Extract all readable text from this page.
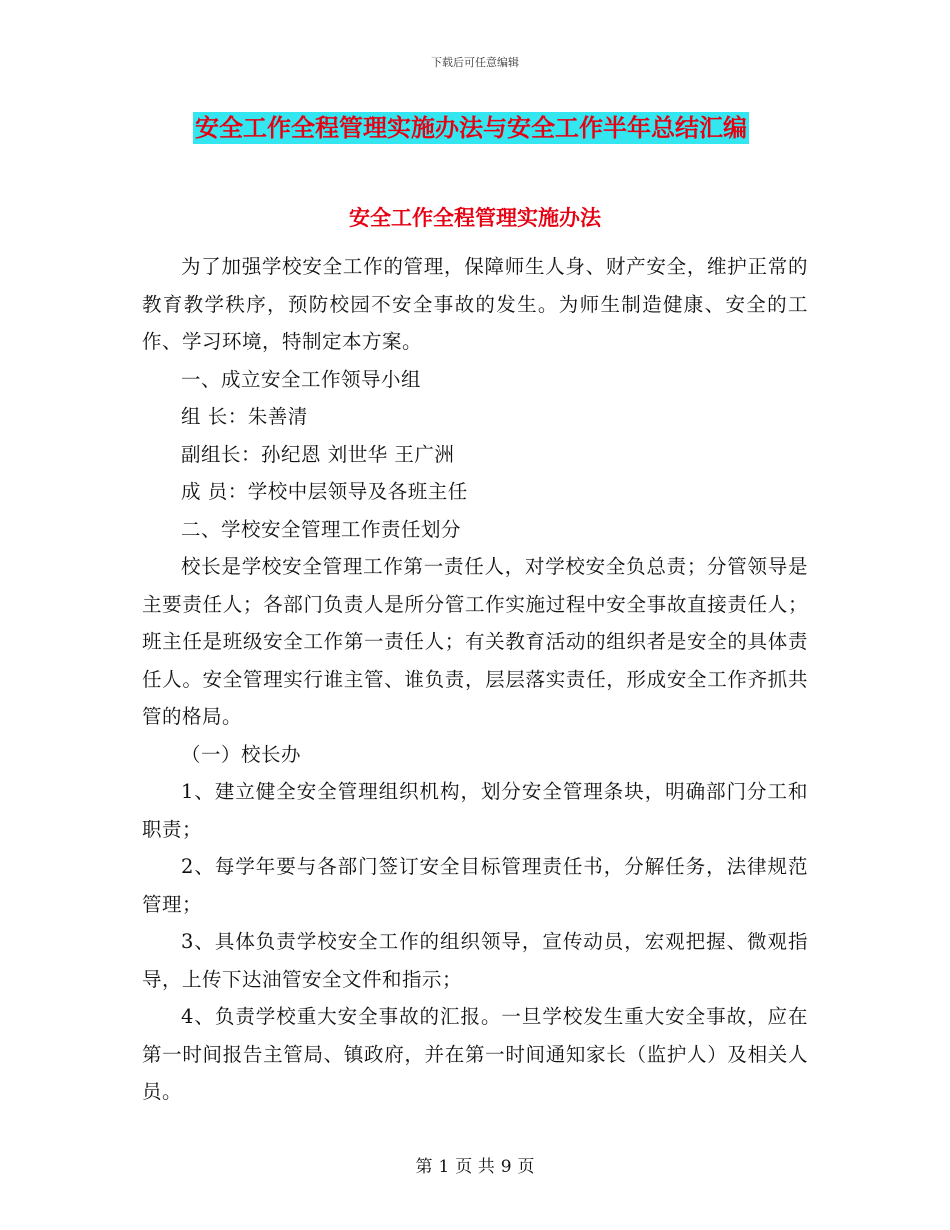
下载后可任意编辑
安全工作全程管理实施办法与安全工作半年总结汇编
安全工作全程管理实施办法

为了加强学校安全工作的管理，保障师生人身、财产安全，维护正常的教育教学秩序，预防校园不安全事故的发生。为师生制造健康、安全的工作、学习环境，特制定本方案。

一、成立安全工作领导小组

组 长：朱善清

副组长：孙纪恩 刘世华 王广洲

成 员：学校中层领导及各班主任

二、学校安全管理工作责任划分

校长是学校安全管理工作第一责任人，对学校安全负总责；分管领导是主要责任人；各部门负责人是所分管工作实施过程中安全事故直接责任人；班主任是班级安全工作第一责任人；有关教育活动的组织者是安全的具体责任人。安全管理实行谁主管、谁负责，层层落实责任，形成安全工作齐抓共管的格局。

（一）校长办

1、建立健全安全管理组织机构，划分安全管理条块，明确部门分工和职责；

2、每学年要与各部门签订安全目标管理责任书，分解任务，法律规范管理；

3、具体负责学校安全工作的组织领导，宣传动员，宏观把握、微观指导，上传下达油管安全文件和指示；

4、负责学校重大安全事故的汇报。一旦学校发生重大安全事故，应在第一时间报告主管局、镇政府，并在第一时间通知家长（监护人）及相关人员。

第 1 页 共 9 页
